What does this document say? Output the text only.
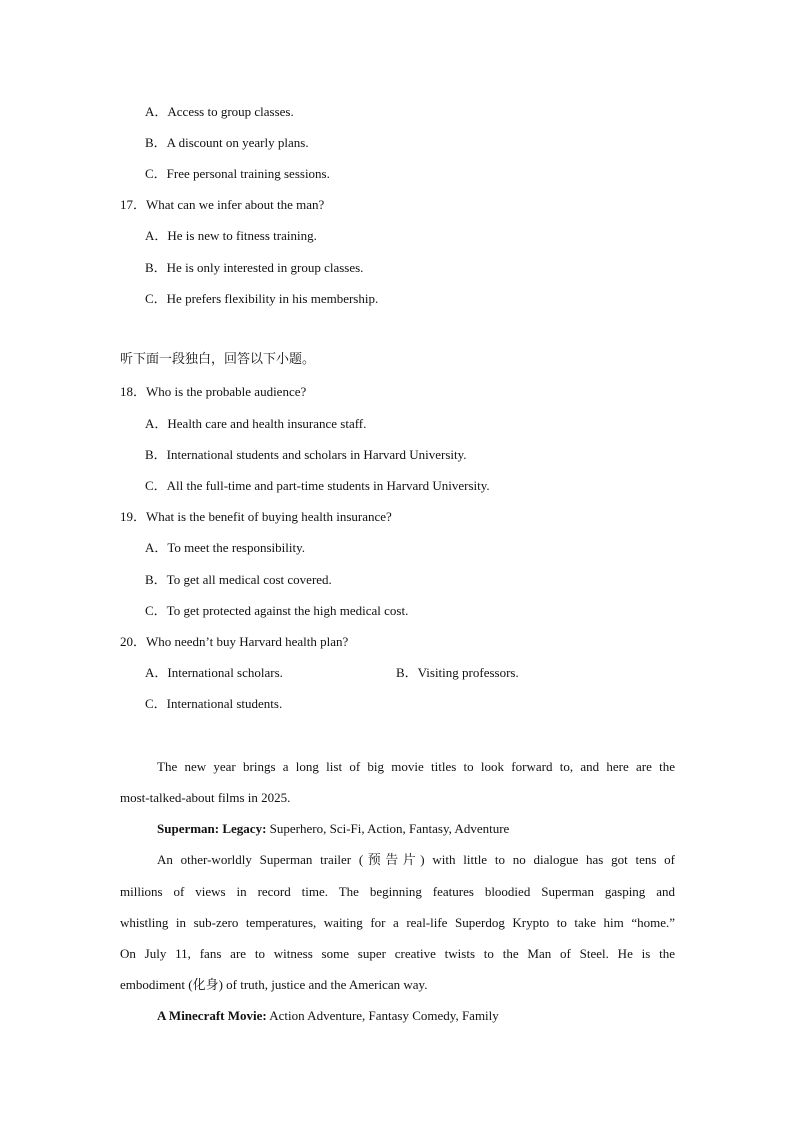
A．Access to group classes.
B．A discount on yearly plans.
C．Free personal training sessions.
17．What can we infer about the man?
A．He is new to fitness training.
B．He is only interested in group classes.
C．He prefers flexibility in his membership.
听下面一段独白，回答以下小题。
18．Who is the probable audience?
A．Health care and health insurance staff.
B．International students and scholars in Harvard University.
C．All the full-time and part-time students in Harvard University.
19．What is the benefit of buying health insurance?
A．To meet the responsibility.
B．To get all medical cost covered.
C．To get protected against the high medical cost.
20．Who needn’t buy Harvard health plan?
A．International scholars.	B．Visiting professors.
C．International students.
The new year brings a long list of big movie titles to look forward to, and here are the
most-talked-about films in 2025.
Superman: Legacy: Superhero, Sci-Fi, Action, Fantasy, Adventure
An other-worldly Superman trailer (预告片) with little to no dialogue has got tens of
millions of views in record time. The beginning features bloodied Superman gasping and
whistling in sub-zero temperatures, waiting for a real-life Superdog Krypto to take him “home.”
On July 11, fans are to witness some super creative twists to the Man of Steel. He is the
embodiment (化身) of truth, justice and the American way.
A Minecraft Movie: Action Adventure, Fantasy Comedy, Family
